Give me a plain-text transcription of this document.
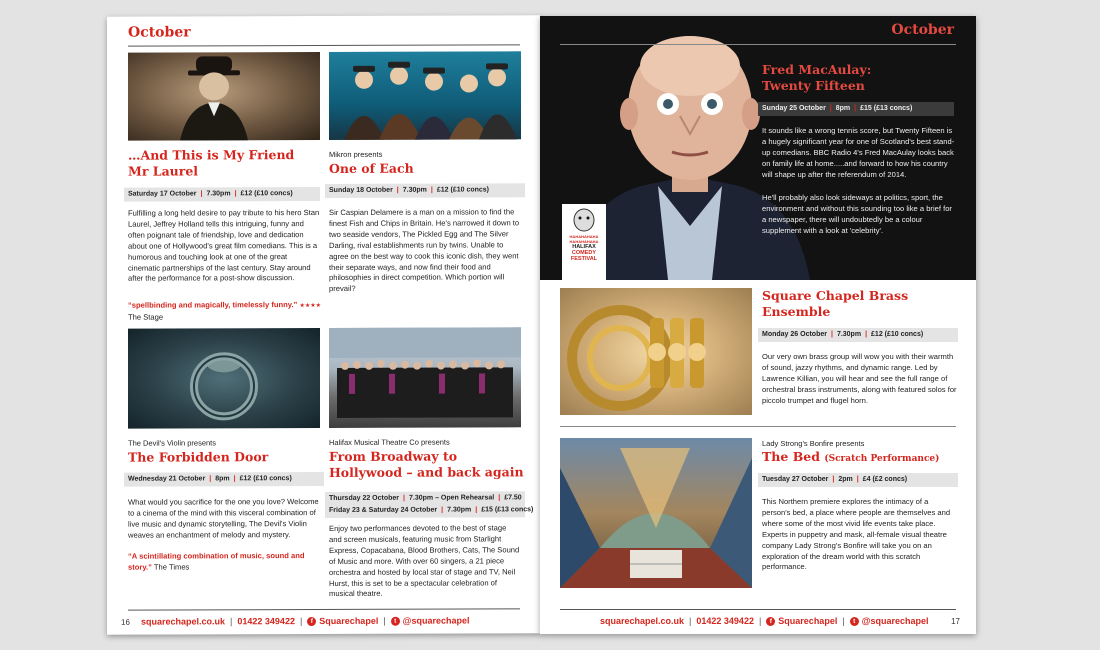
October
…And This is My Friend
Mr Laurel
Saturday 17 October | 7.30pm | £12 (£10 concs)
Fulfilling a long held desire to pay tribute to his hero Stan Laurel, Jeffrey Holland tells this intriguing, funny and often poignant tale of friendship, love and dedication about one of Hollywood's great film comedians. This is a humorous and touching look at one of the great cinematic partnerships of the last century. Stay around after the performance for a post-show discussion.
“spellbinding and magically, timelessly funny.” ★★★★
The Stage
Mikron presents
One of Each
Sunday 18 October | 7.30pm | £12 (£10 concs)
Sir Caspian Delamere is a man on a mission to find the finest Fish and Chips in Britain. He's narrowed it down to two seaside vendors, The Pickled Egg and The Silver Darling, rival establishments run by twins. Unable to agree on the best way to cook this iconic dish, they went their separate ways, and now find their food and philosophies in direct competition. Which portion will prevail?
The Devil's Violin presents
The Forbidden Door
Wednesday 21 October | 8pm | £12 (£10 concs)
What would you sacrifice for the one you love? Welcome to a cinema of the mind with this visceral combination of live music and dynamic storytelling, The Devil's Violin weaves an enchantment of melody and mystery.
“A scintillating combination of music, sound and story.” The Times
Halifax Musical Theatre Co presents
From Broadway to
Hollywood – and back again
Thursday 22 October | 7.30pm – Open Rehearsal | £7.50
Friday 23 & Saturday 24 October | 7.30pm | £15 (£13 concs)
Enjoy two performances devoted to the best of stage and screen musicals, featuring music from Starlight Express, Copacabana, Blood Brothers, Cats, The Sound of Music and more. With over 60 singers, a 21 piece orchestra and hosted by local star of stage and TV, Neil Hurst, this is set to be a spectacular celebration of musical theatre.
16 squarechapel.co.uk | 01422 349422 |	f Squarechapel |	t @squarechapel
October
Fred MacAulay:
Twenty Fifteen
Sunday 25 October | 8pm | £15 (£13 concs)
It sounds like a wrong tennis score, but Twenty Fifteen is a hugely significant year for one of Scotland's best stand-up comedians. BBC Radio 4's Fred MacAulay looks back on family life at home.....and forward to how his country will shape up after the referendum of 2014.
He'll probably also look sideways at politics, sport, the environment and without this sounding too like a brief for a newspaper, there will undoubtedly be a colour supplement with a look at 'celebrity'.
HAHAHAHAHA
HAHAHAHAHA
HALIFAX
COMEDY
FESTIVAL
Square Chapel Brass
Ensemble
Monday 26 October | 7.30pm | £12 (£10 concs)
Our very own brass group will wow you with their warmth of sound, jazzy rhythms, and dynamic range. Led by Lawrence Killian, you will hear and see the full range of orchestral brass instruments, along with featured solos for piccolo trumpet and flugel horn.
Lady Strong's Bonfire presents
The Bed (Scratch Performance)
Tuesday 27 October | 2pm | £4 (£2 concs)
This Northern premiere explores the intimacy of a person's bed, a place where people are themselves and where some of the most vivid life events take place. Experts in puppetry and mask, all-female visual theatre company Lady Strong's Bonfire will take you on an exploration of the dream world with this scratch performance.
squarechapel.co.uk | 01422 349422 |	f Squarechapel |	t @squarechapel	17
